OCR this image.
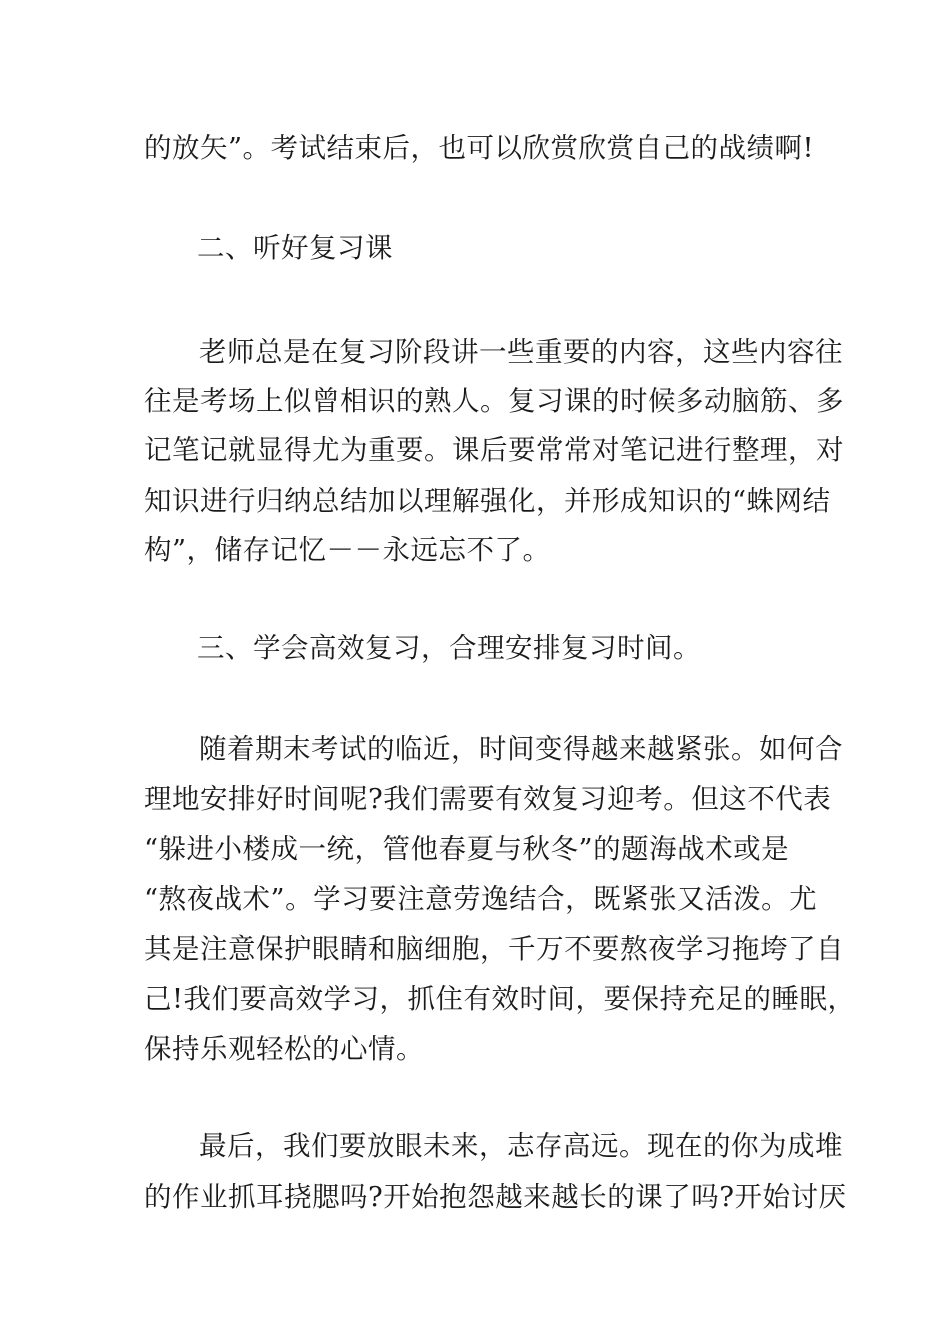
的放矢”。考试结束后，也可以欣赏欣赏自己的战绩啊!

二、听好复习课

老师总是在复习阶段讲一些重要的内容，这些内容往

往是考场上似曾相识的熟人。复习课的时候多动脑筋、多

记笔记就显得尤为重要。课后要常常对笔记进行整理，对

知识进行归纳总结加以理解强化，并形成知识的“蛛网结

构”，储存记忆－－永远忘不了。

三、学会高效复习，合理安排复习时间。

随着期末考试的临近，时间变得越来越紧张。如何合

理地安排好时间呢?我们需要有效复习迎考。但这不代表

“躲进小楼成一统，管他春夏与秋冬”的题海战术或是

“熬夜战术”。学习要注意劳逸结合，既紧张又活泼。尤

其是注意保护眼睛和脑细胞，千万不要熬夜学习拖垮了自

己!我们要高效学习，抓住有效时间，要保持充足的睡眠，

保持乐观轻松的心情。

最后，我们要放眼未来，志存高远。现在的你为成堆

的作业抓耳挠腮吗?开始抱怨越来越长的课了吗?开始讨厌
